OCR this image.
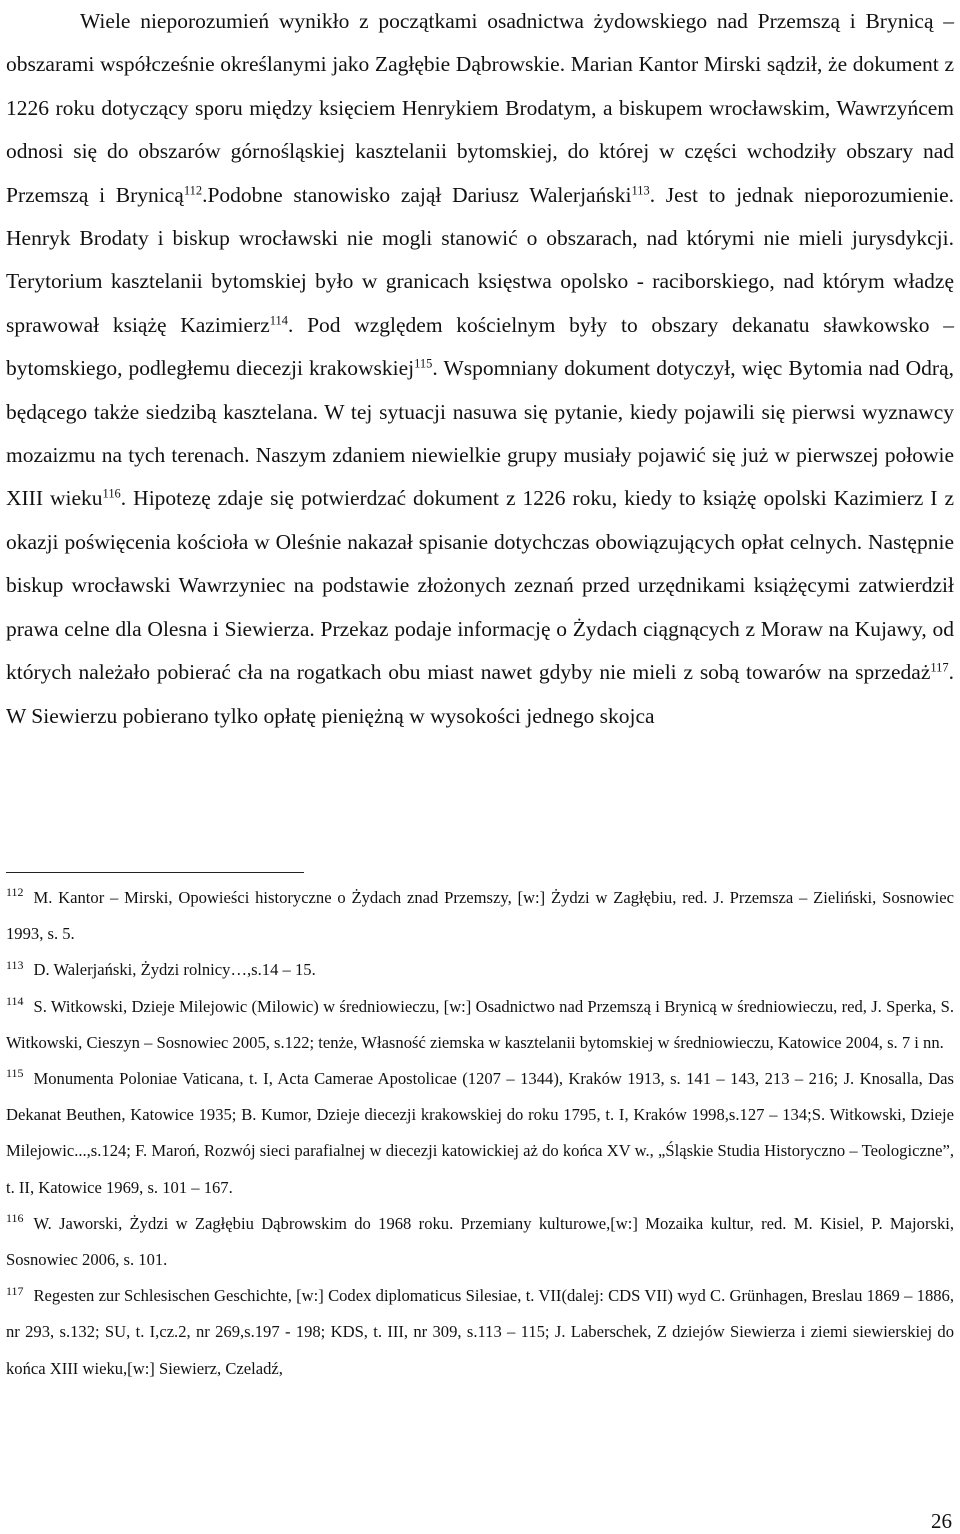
Wiele nieporozumień wynikło z początkami osadnictwa żydowskiego nad Przemszą i Brynicą – obszarami współcześnie określanymi jako Zagłębie Dąbrowskie. Marian Kantor Mirski sądził, że dokument z 1226 roku dotyczący sporu między księciem Henrykiem Brodatym, a biskupem wrocławskim, Wawrzyńcem odnosi się do obszarów górnośląskiej kasztelanii bytomskiej, do której w części wchodziły obszary nad Przemszą i Brynicą$^{112}$.Podobne stanowisko zajął Dariusz Walerjański$^{113}$. Jest to jednak nieporozumienie. Henryk Brodaty i biskup wrocławski nie mogli stanowić o obszarach, nad którymi nie mieli jurysdykcji. Terytorium kasztelanii bytomskiej było w granicach księstwa opolsko - raciborskiego, nad którym władzę sprawował książę Kazimierz$^{114}$. Pod względem kościelnym były to obszary dekanatu sławkowsko – bytomskiego, podległemu diecezji krakowskiej$^{115}$. Wspomniany dokument dotyczył, więc Bytomia nad Odrą, będącego także siedzibą kasztelana. W tej sytuacji nasuwa się pytanie, kiedy pojawili się pierwsi wyznawcy mozaizmu na tych terenach. Naszym zdaniem niewielkie grupy musiały pojawić się już w pierwszej połowie XIII wieku$^{116}$. Hipotezę zdaje się potwierdzać dokument z 1226 roku, kiedy to książę opolski Kazimierz I z okazji poświęcenia kościoła w Oleśnie nakazał spisanie dotychczas obowiązujących opłat celnych. Następnie biskup wrocławski Wawrzyniec na podstawie złożonych zeznań przed urzędnikami książęcymi zatwierdził prawa celne dla Olesna i Siewierza. Przekaz podaje informację o Żydach ciągnących z Moraw na Kujawy, od których należało pobierać cła na rogatkach obu miast nawet gdyby nie mieli z sobą towarów na sprzedaż$^{117}$. W Siewierzu pobierano tylko opłatę pieniężną w wysokości jednego skojca

$^{112}$ M. Kantor – Mirski, Opowieści historyczne o Żydach znad Przemszy, [w:] Żydzi w Zagłębiu, red. J. Przemsza – Zieliński, Sosnowiec 1993, s. 5.

$^{113}$ D. Walerjański, Żydzi rolnicy…,s.14 – 15.

$^{114}$ S. Witkowski, Dzieje Milejowic (Milowic) w średniowieczu, [w:] Osadnictwo nad Przemszą i Brynicą w średniowieczu, red, J. Sperka, S. Witkowski, Cieszyn – Sosnowiec 2005, s.122; tenże, Własność ziemska w kasztelanii bytomskiej w średniowieczu, Katowice 2004, s. 7 i nn.

$^{115}$ Monumenta Poloniae Vaticana, t. I, Acta Camerae Apostolicae (1207 – 1344), Kraków 1913, s. 141 – 143, 213 – 216; J. Knosalla, Das Dekanat Beuthen, Katowice 1935; B. Kumor, Dzieje diecezji krakowskiej do roku 1795, t. I, Kraków 1998,s.127 – 134;S. Witkowski, Dzieje Milejowic...,s.124; F. Maroń, Rozwój sieci parafialnej w diecezji katowickiej aż do końca XV w., „Śląskie Studia Historyczno – Teologiczne”, t. II, Katowice 1969, s. 101 – 167.

$^{116}$ W. Jaworski, Żydzi w Zagłębiu Dąbrowskim do 1968 roku. Przemiany kulturowe,[w:] Mozaika kultur, red. M. Kisiel, P. Majorski, Sosnowiec 2006, s. 101.

$^{117}$ Regesten zur Schlesischen Geschichte, [w:] Codex diplomaticus Silesiae, t. VII(dalej: CDS VII) wyd C. Grünhagen, Breslau 1869 – 1886, nr 293, s.132; SU, t. I,cz.2, nr 269,s.197 - 198; KDS, t. III, nr 309, s.113 – 115; J. Laberschek, Z dziejów Siewierza i ziemi siewierskiej do końca XIII wieku,[w:] Siewierz, Czeladź,

26
